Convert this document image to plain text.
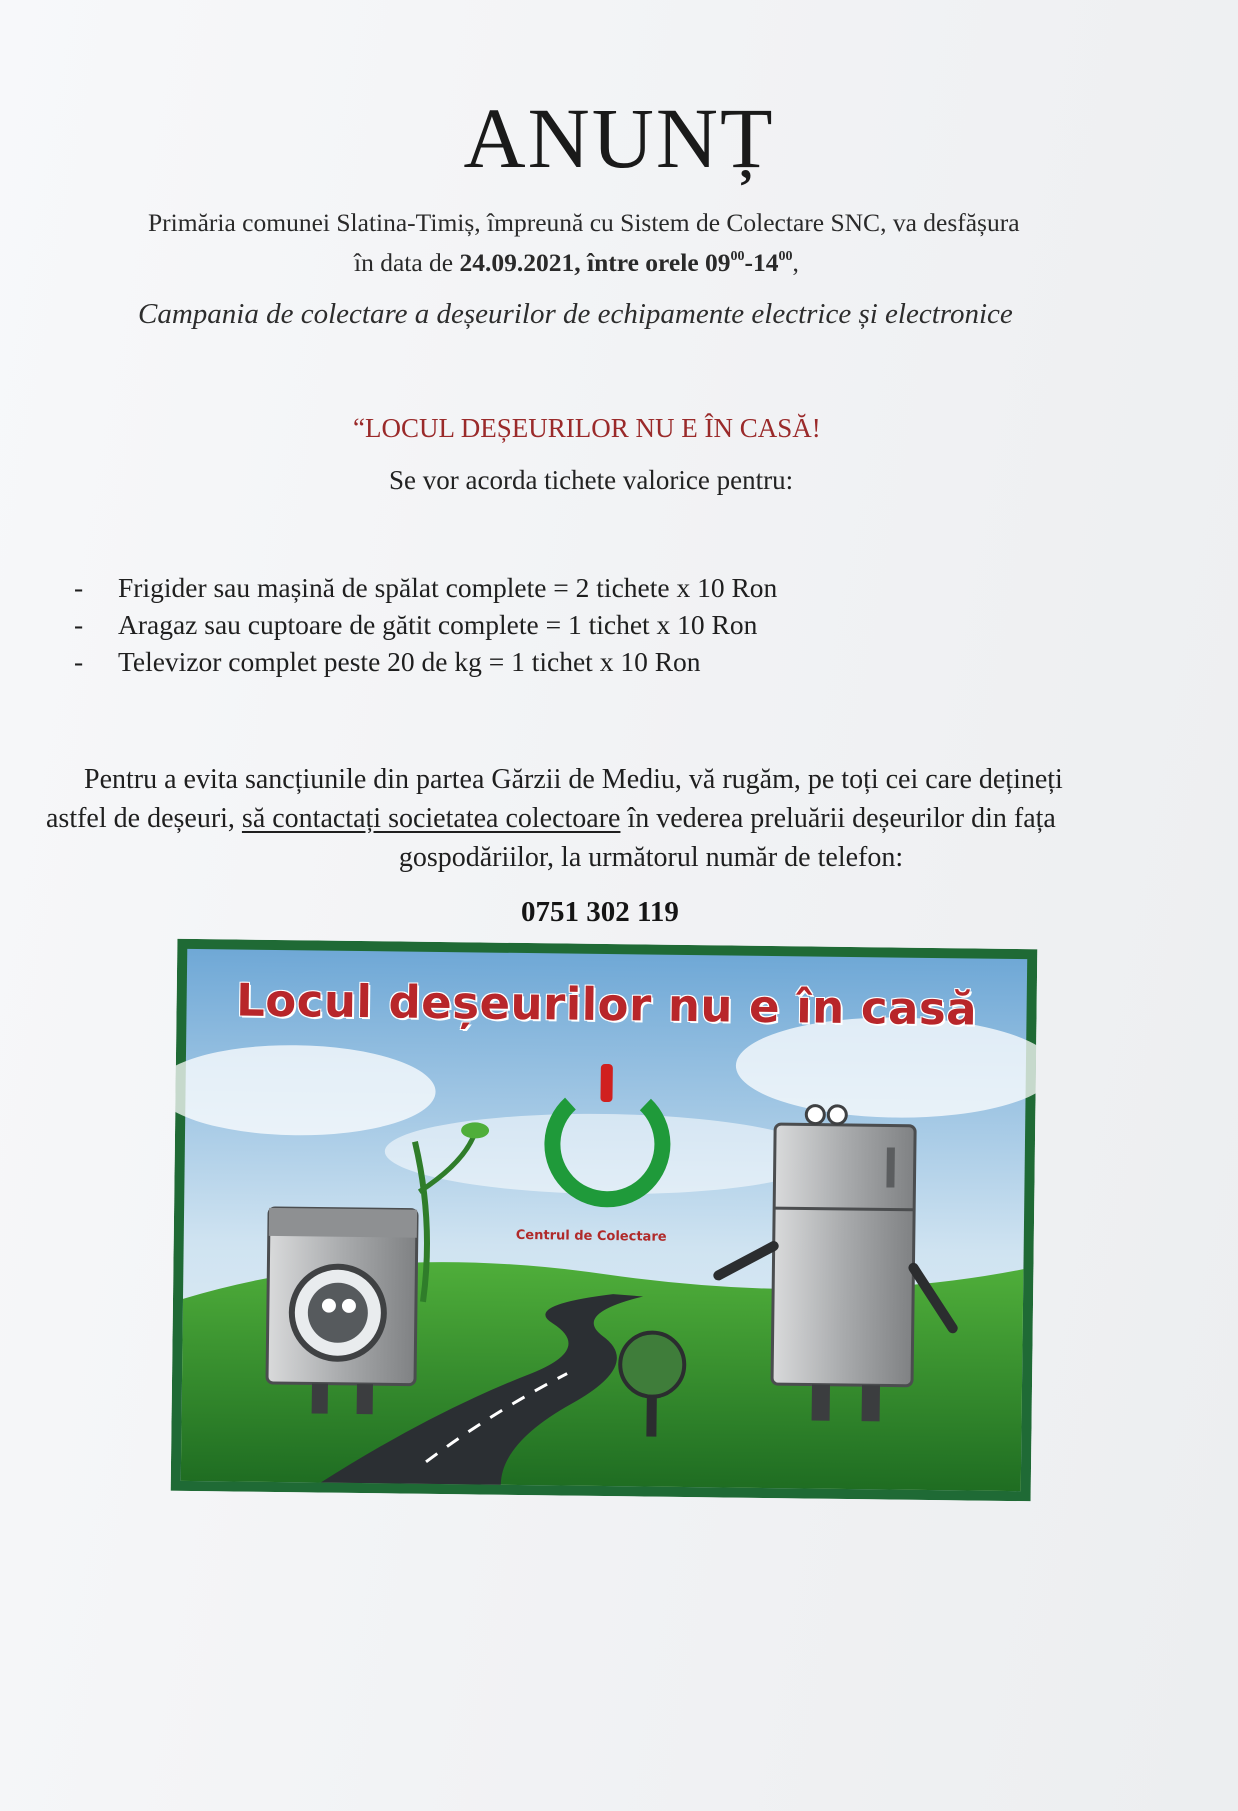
ANUNȚ
Primăria comunei Slatina-Timiș, împreună cu Sistem de Colectare SNC, va desfășura
în data de 24.09.2021, între orele $09^{00}-14^{00}$,
Campania de colectare a deșeurilor de echipamente electrice și electronice
“LOCUL DEȘEURILOR NU E ÎN CASĂ!
Se vor acorda tichete valorice pentru:
- Frigider sau mașină de spălat complete = 2 tichete x 10 Ron
- Aragaz sau cuptoare de gătit complete = 1 tichet x 10 Ron
- Televizor complet peste 20 de kg = 1 tichet x 10 Ron
Pentru a evita sancțiunile din partea Gărzii de Mediu, vă rugăm, pe toți cei care dețineți
astfel de deșeuri, să contactați societatea colectoare în vederea preluării deșeurilor din fața
gospodăriilor, la următorul număr de telefon:
0751 302 119
Locul deșeurilor nu e în casă
Centrul de Colectare
